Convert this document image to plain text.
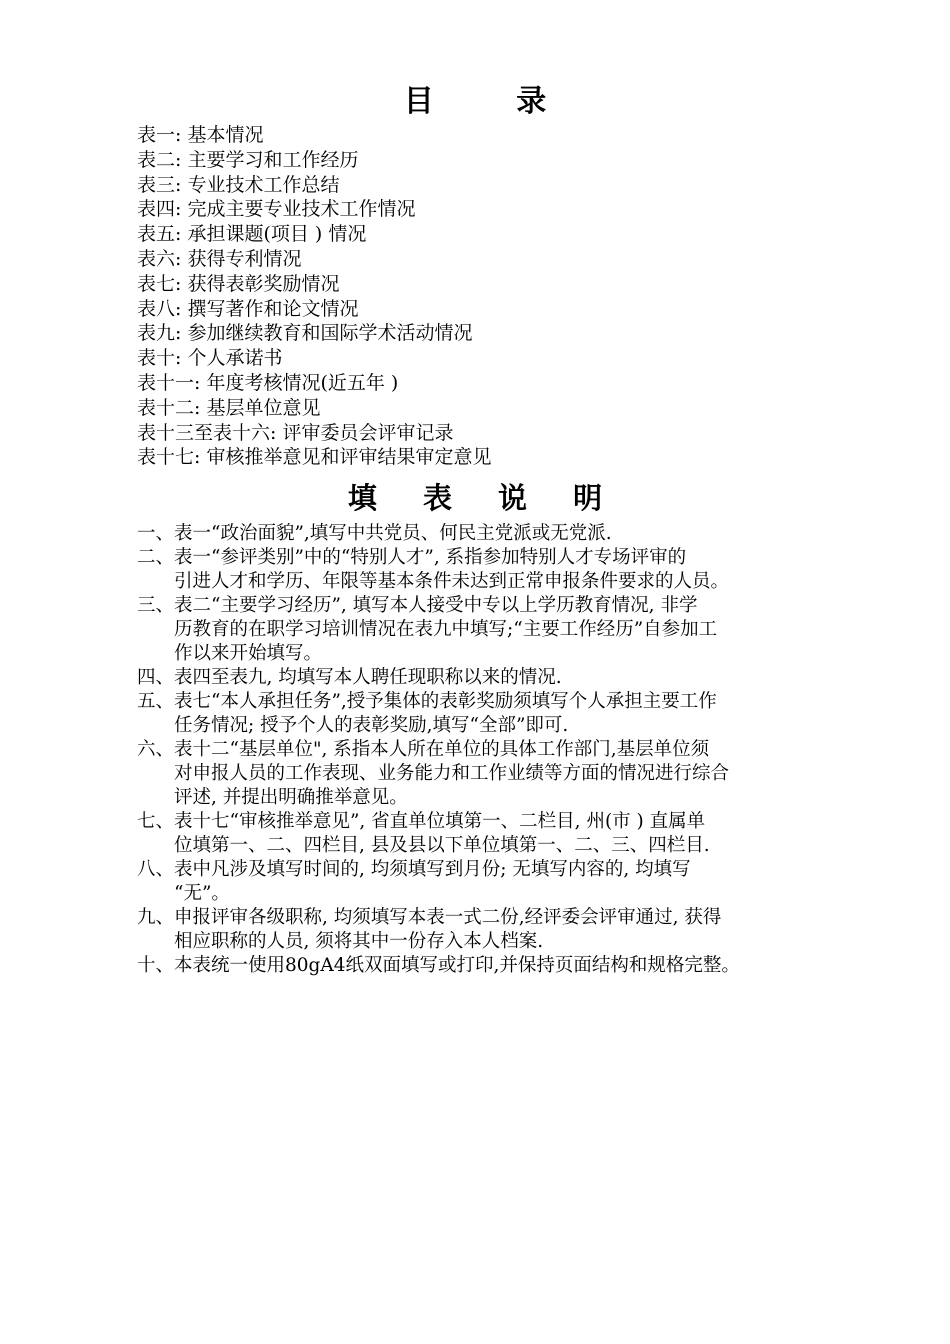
目 录
表一: 基本情况
表二: 主要学习和工作经历
表三: 专业技术工作总结
表四: 完成主要专业技术工作情况
表五: 承担课题(项目 ) 情况
表六: 获得专利情况
表七: 获得表彰奖励情况
表八: 撰写著作和论文情况
表九: 参加继续教育和国际学术活动情况
表十: 个人承诺书
表十一: 年度考核情况(近五年 )
表十二: 基层单位意见
表十三至表十六: 评审委员会评审记录
表十七: 审核推举意见和评审结果审定意见
填 表 说 明
一、 表一“政治面貌”,填写中共党员、何民主党派或无党派.
二、 表一“参评类别”中的“特别人才”, 系指参加特别人才专场评审的
引进人才和学历、年限等基本条件未达到正常申报条件要求的人员。
三、 表二“主要学习经历”, 填写本人接受中专以上学历教育情况, 非学
历教育的在职学习培训情况在表九中填写;“主要工作经历”自参加工
作以来开始填写。
四、 表四至表九, 均填写本人聘任现职称以来的情况.
五、 表七“本人承担任务”,授予集体的表彰奖励须填写个人承担主要工作
任务情况; 授予个人的表彰奖励,填写“全部”即可.
六、 表十二“基层单位", 系指本人所在单位的具体工作部门,基层单位须
对申报人员的工作表现、业务能力和工作业绩等方面的情况进行综合
评述, 并提出明确推举意见。
七、 表十七“审核推举意见”, 省直单位填第一、二栏目, 州(市 ) 直属单
位填第一、二、四栏目, 县及县以下单位填第一、二、三、四栏目.
八、 表中凡涉及填写时间的, 均须填写到月份; 无填写内容的, 均填写
“无”。
九、 申报评审各级职称, 均须填写本表一式二份,经评委会评审通过, 获得
相应职称的人员, 须将其中一份存入本人档案.
十、 本表统一使用80gA4纸双面填写或打印,并保持页面结构和规格完整。
